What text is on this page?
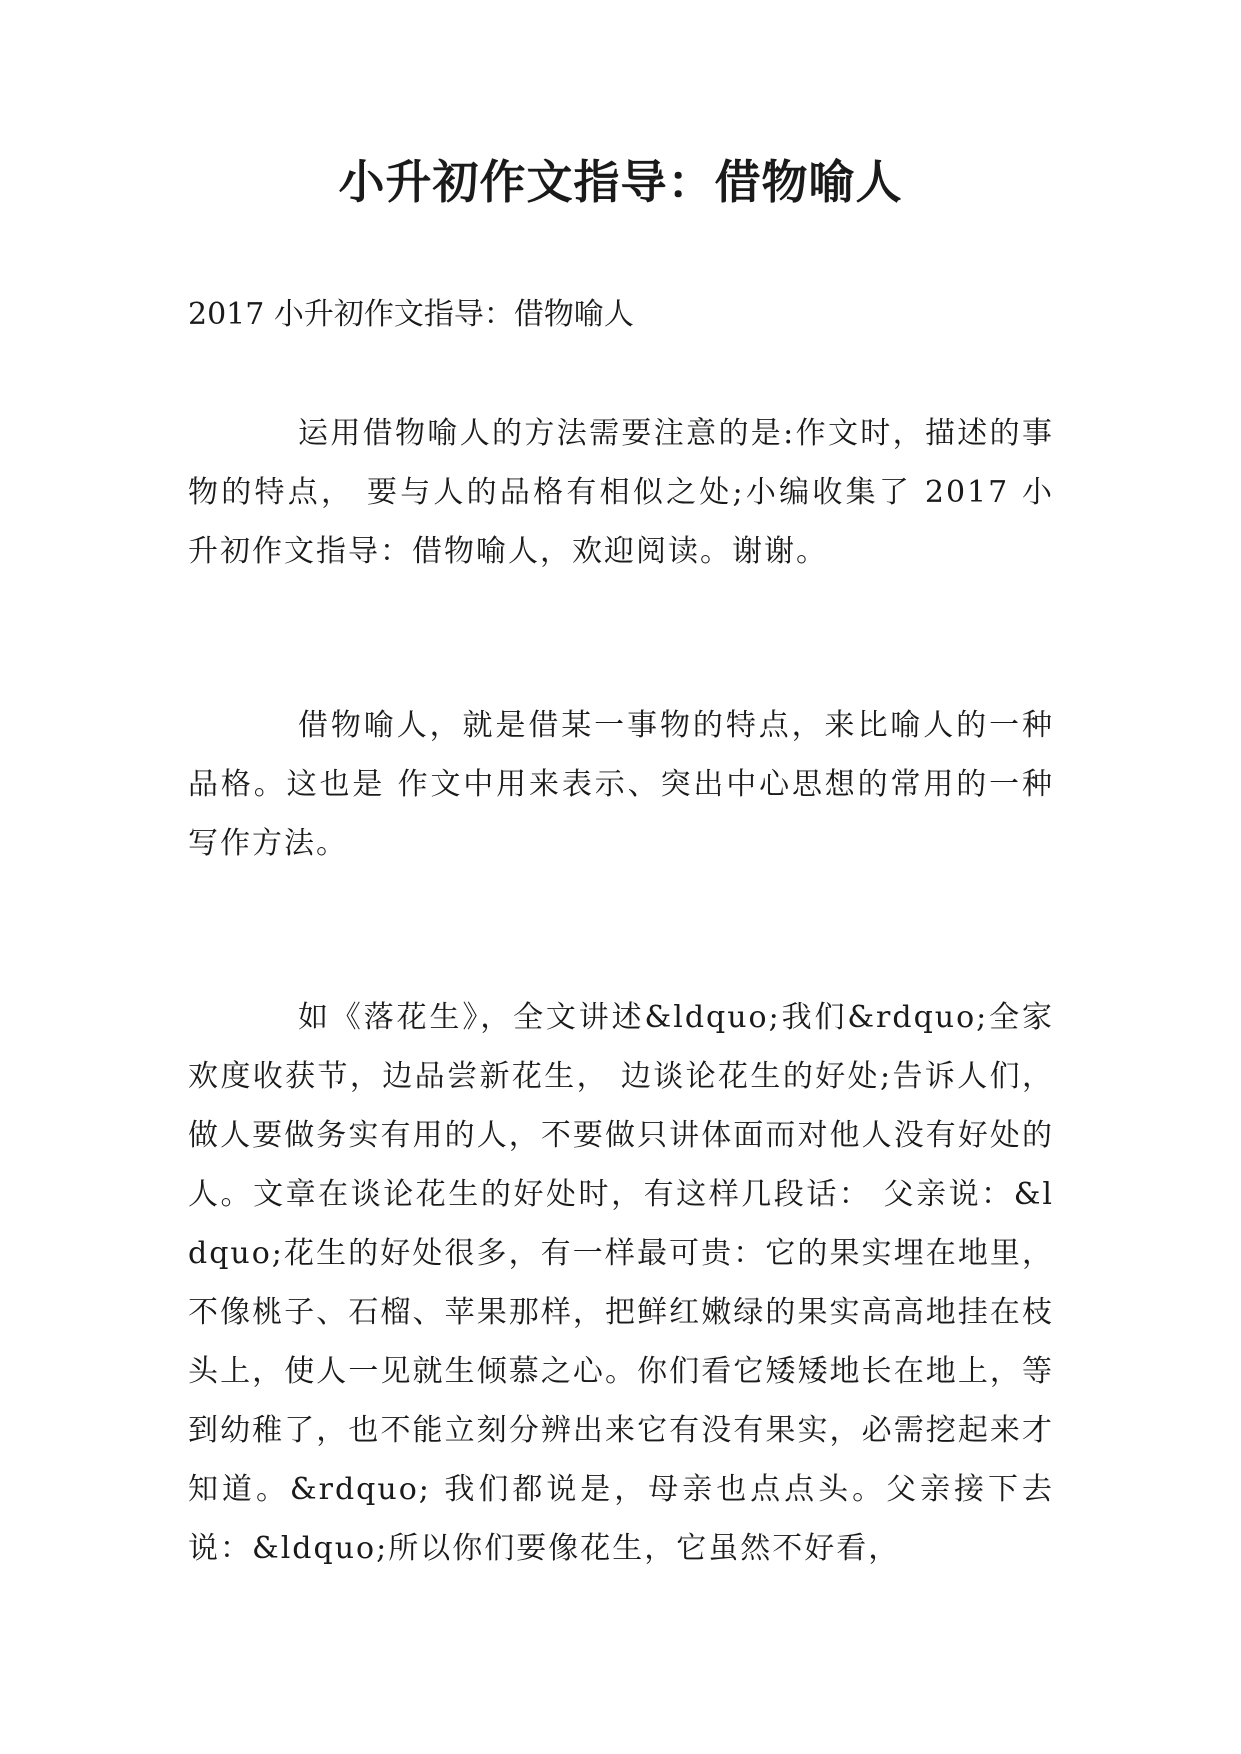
小升初作文指导：借物喻人

2017 小升初作文指导：借物喻人

运用借物喻人的方法需要注意的是:作文时，描述的事物的特点， 要与人的品格有相似之处;小编收集了 2017 小升初作文指导：借物喻人，欢迎阅读。谢谢。

借物喻人，就是借某一事物的特点，来比喻人的一种品格。这也是 作文中用来表示、突出中心思想的常用的一种写作方法。

如《落花生》，全文讲述&ldquo;我们&rdquo;全家欢度收获节，边品尝新花生， 边谈论花生的好处;告诉人们，做人要做务实有用的人，不要做只讲体面而对他人没有好处的人。文章在谈论花生的好处时，有这样几段话： 父亲说：&ldquo;花生的好处很多，有一样最可贵：它的果实埋在地里，不像桃子、石榴、苹果那样，把鲜红嫩绿的果实高高地挂在枝头上，使人一见就生倾慕之心。你们看它矮矮地长在地上，等到幼稚了，也不能立刻分辨出来它有没有果实，必需挖起来才知道。&rdquo; 我们都说是，母亲也点点头。父亲接下去说：&ldquo;所以你们要像花生，它虽然不好看，
